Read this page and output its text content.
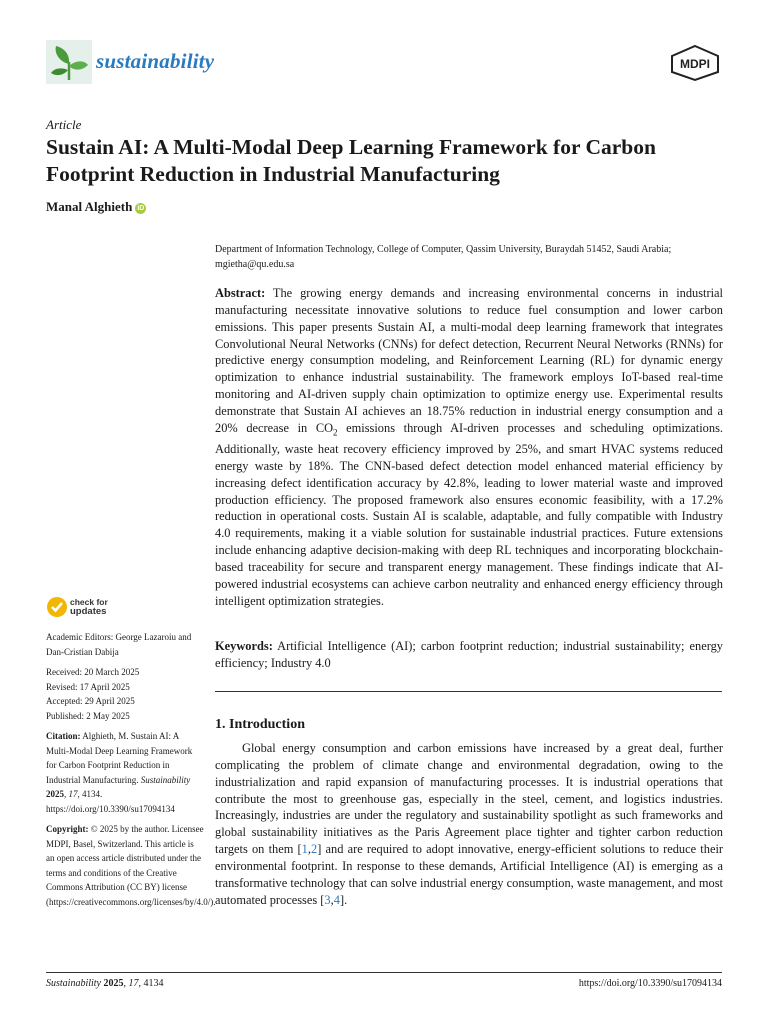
sustainability	MDPI
Article
Sustain AI: A Multi-Modal Deep Learning Framework for Carbon Footprint Reduction in Industrial Manufacturing
Manal Alghieth iD
Department of Information Technology, College of Computer, Qassim University, Buraydah 51452, Saudi Arabia; mgietha@qu.edu.sa

Abstract: The growing energy demands and increasing environmental concerns in industrial manufacturing necessitate innovative solutions to reduce fuel consumption and lower carbon emissions. This paper presents Sustain AI, a multi-modal deep learning framework that integrates Convolutional Neural Networks (CNNs) for defect detection, Recurrent Neural Networks (RNNs) for predictive energy consumption modeling, and Reinforcement Learning (RL) for dynamic energy optimization to enhance industrial sustainability. The framework employs IoT-based real-time monitoring and AI-driven supply chain optimization to optimize energy use. Experimental results demonstrate that Sustain AI achieves an 18.75% reduction in industrial energy consumption and a 20% decrease in $CO_2$ emissions through AI-driven processes and scheduling optimizations. Additionally, waste heat recovery efficiency improved by 25%, and smart HVAC systems reduced energy waste by 18%. The CNN-based defect detection model enhanced material efficiency by increasing defect identification accuracy by 42.8%, leading to lower material waste and improved production efficiency. The proposed framework also ensures economic feasibility, with a 17.2% reduction in operational costs. Sustain AI is scalable, adaptable, and fully compatible with Industry 4.0 requirements, making it a viable solution for sustainable industrial practices. Future extensions include enhancing adaptive decision-making with deep RL techniques and incorporating blockchain-based traceability for secure and transparent energy management. These findings indicate that AI-powered industrial ecosystems can achieve carbon neutrality and enhanced energy efficiency through intelligent optimization strategies.

Keywords: Artificial Intelligence (AI); carbon footprint reduction; industrial sustainability; energy efficiency; Industry 4.0

1. Introduction

Global energy consumption and carbon emissions have increased by a great deal, further complicating the problem of climate change and environmental degradation, owing to the industrialization and rapid expansion of manufacturing processes. It is industrial operations that contribute the most to greenhouse gas, especially in the steel, cement, and logistics industries. Increasingly, industries are under the regulatory and sustainability spotlight as such frameworks and global sustainability initiatives as the Paris Agreement place tighter and tighter carbon reduction targets on them [1,2] and are required to adopt innovative, energy-efficient solutions to reduce their environmental footprint. In response to these demands, Artificial Intelligence (AI) is emerging as a transformative technology that can solve industrial energy consumption, waste management, and most automated processes [3,4].

check for
updates
Academic Editors: George Lazaroiu and Dan-Cristian Dabija
Received: 20 March 2025
Revised: 17 April 2025
Accepted: 29 April 2025
Published: 2 May 2025
Citation: Alghieth, M. Sustain AI: A Multi-Modal Deep Learning Framework for Carbon Footprint Reduction in Industrial Manufacturing. Sustainability 2025, 17, 4134. https://doi.org/10.3390/su17094134
Copyright: © 2025 by the author. Licensee MDPI, Basel, Switzerland. This article is an open access article distributed under the terms and conditions of the Creative Commons Attribution (CC BY) license (https://creativecommons.org/licenses/by/4.0/).
Sustainability 2025, 17, 4134	https://doi.org/10.3390/su17094134
